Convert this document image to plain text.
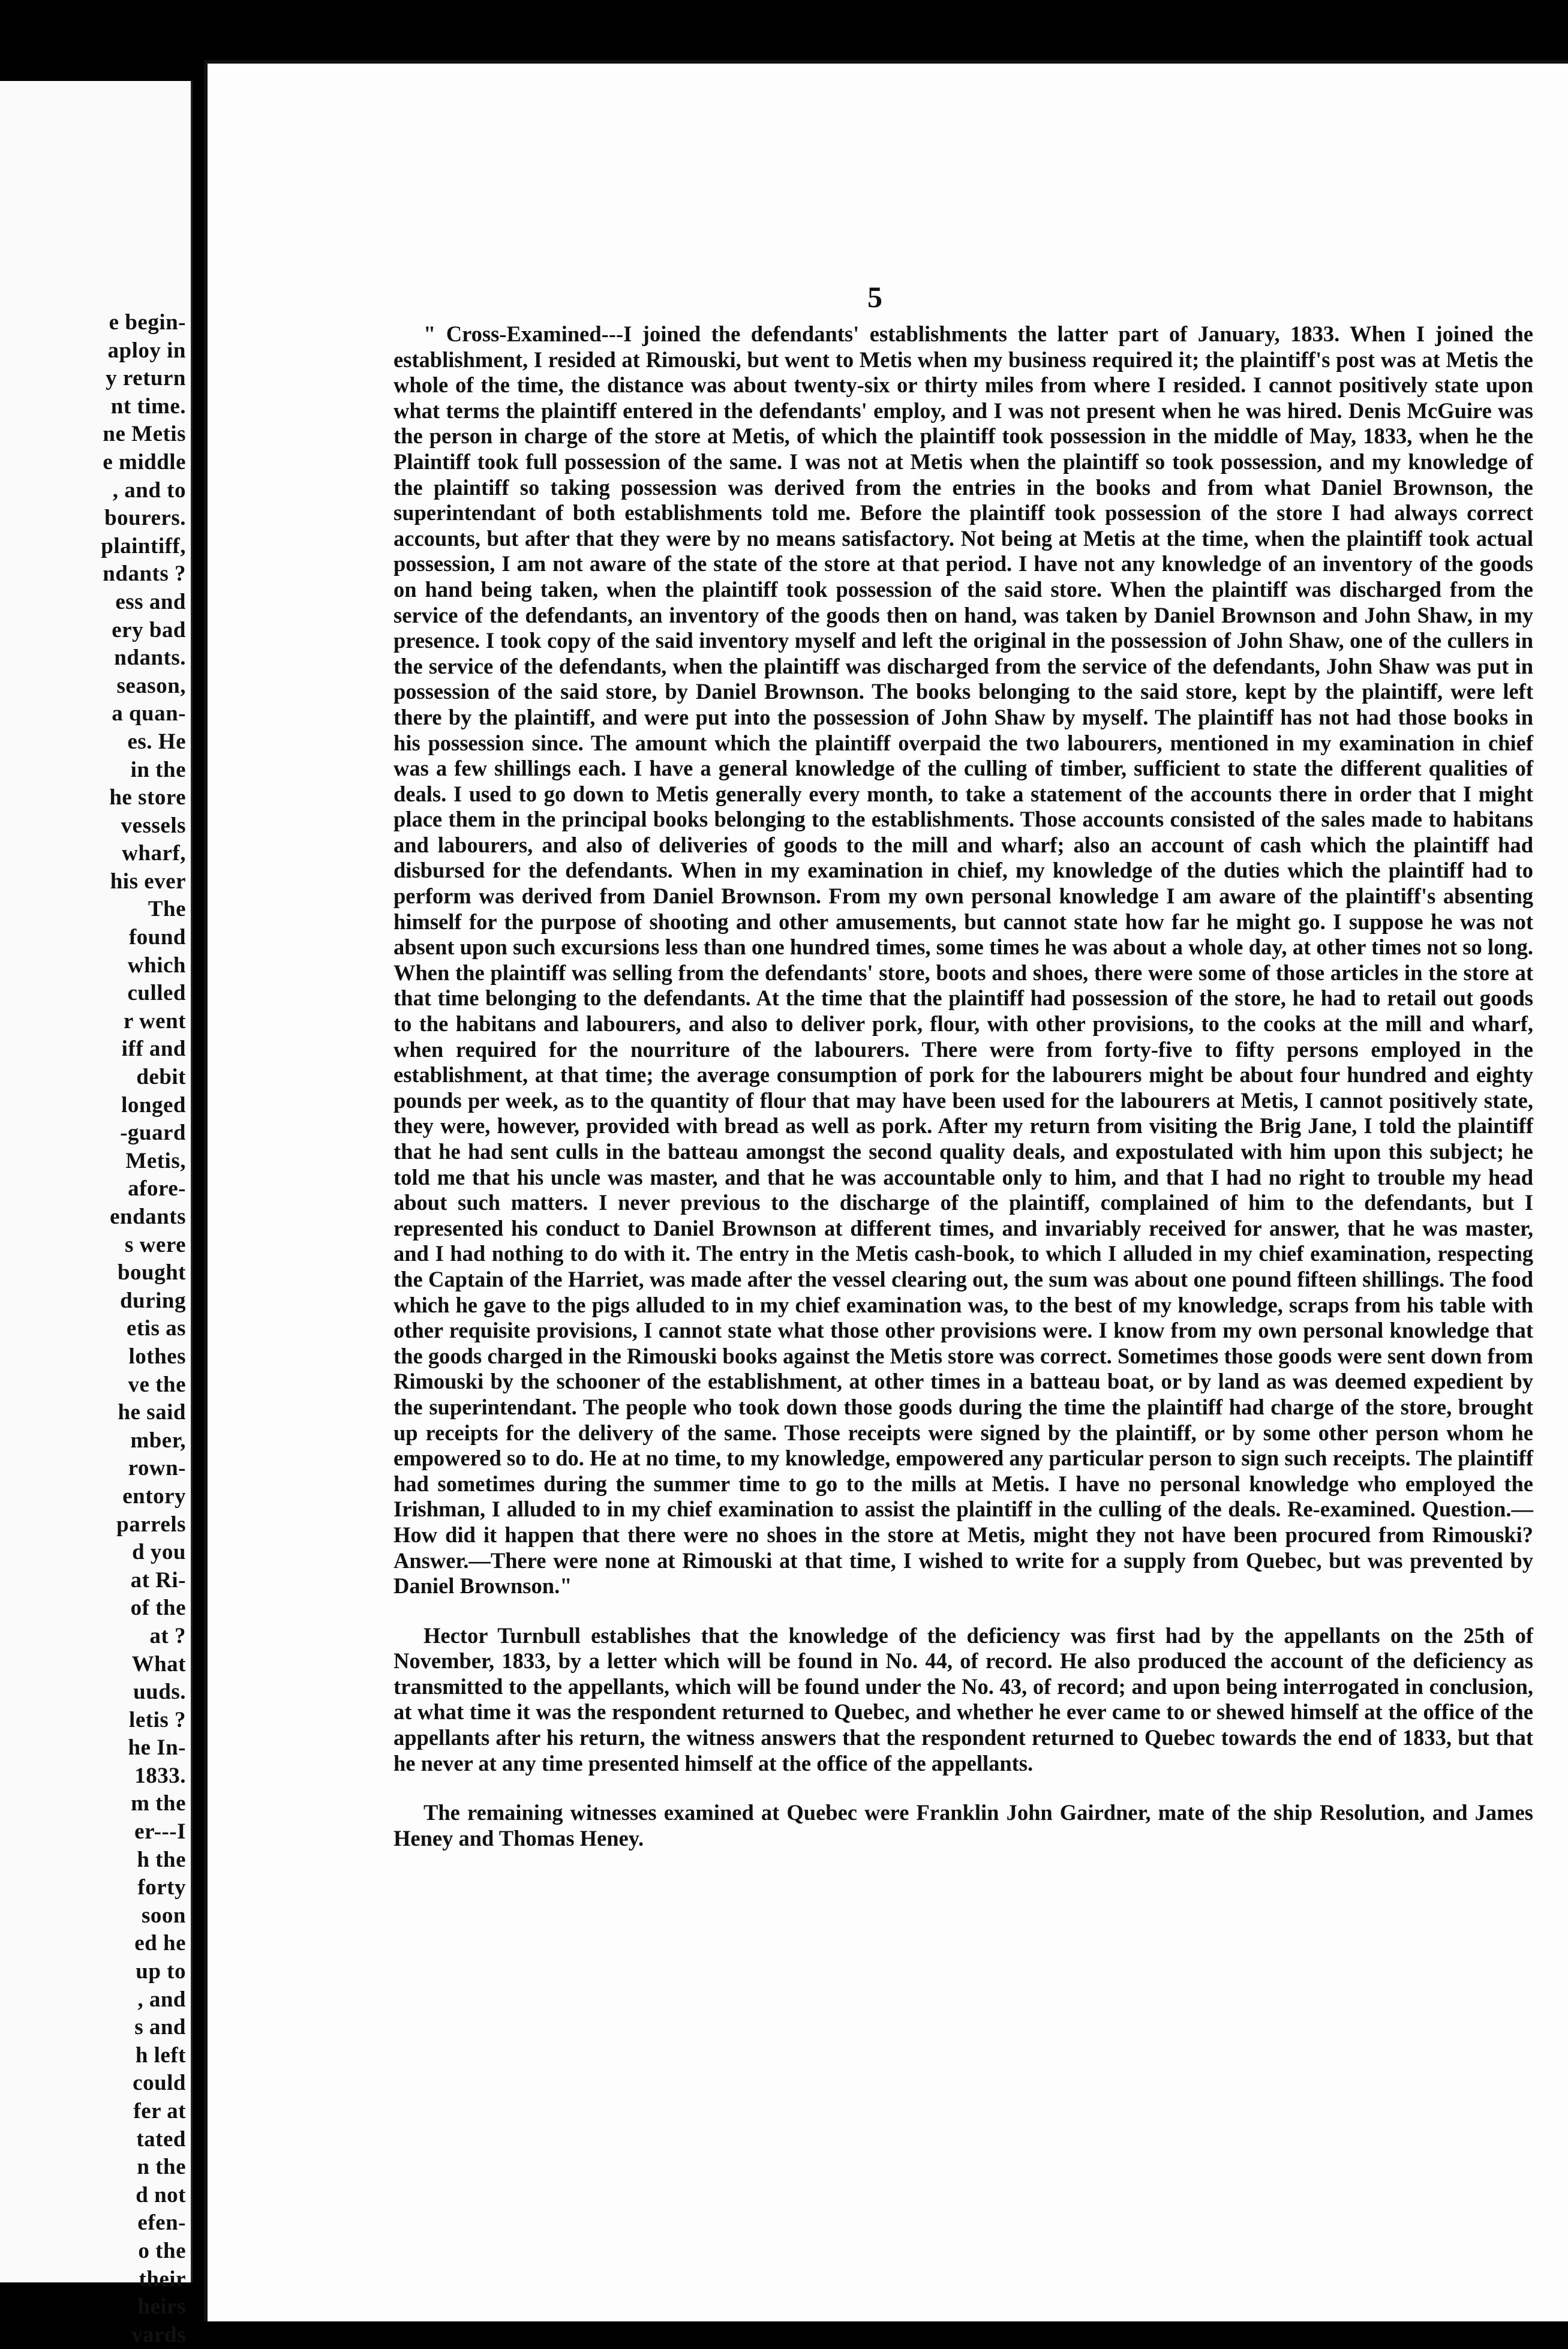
e begin-
aploy in
y return
nt time.
ne Metis
e middle
, and to
bourers.
plaintiff,
ndants ?
ess and
ery bad
ndants.
season,
a quan-
es. He
in the
he store
vessels
wharf,
his ever
The
found
which
culled
r went
iff and
debit
longed
-guard
Metis,
afore-
endants
s were
bought
during
etis as
lothes
ve the
he said
mber,
rown-
entory
parrels
d you
at Ri-
of the
at ?
What
uuds.
letis ?
he In-
1833.
m the
er---I
h the
forty
soon
ed he
up to
, and
s and
h left
could
fer at
tated
n the
d not
efen-
o the
their
heirs
vards
5

" Cross-Examined---I joined the defendants' establishments the latter part of January, 1833. When I joined the establishment, I resided at Rimouski, but went to Metis when my business required it; the plaintiff's post was at Metis the whole of the time, the distance was about twenty-six or thirty miles from where I resided. I cannot positively state upon what terms the plaintiff entered in the defendants' employ, and I was not present when he was hired. Denis McGuire was the person in charge of the store at Metis, of which the plaintiff took possession in the middle of May, 1833, when he the Plaintiff took full possession of the same. I was not at Metis when the plaintiff so took possession, and my knowledge of the plaintiff so taking possession was derived from the entries in the books and from what Daniel Brownson, the superintendant of both establishments told me. Before the plaintiff took possession of the store I had always correct accounts, but after that they were by no means satisfactory. Not being at Metis at the time, when the plaintiff took actual possession, I am not aware of the state of the store at that period. I have not any knowledge of an inventory of the goods on hand being taken, when the plaintiff took possession of the said store. When the plaintiff was discharged from the service of the defendants, an inventory of the goods then on hand, was taken by Daniel Brownson and John Shaw, in my presence. I took copy of the said inventory myself and left the original in the possession of John Shaw, one of the cullers in the service of the defendants, when the plaintiff was discharged from the service of the defendants, John Shaw was put in possession of the said store, by Daniel Brownson. The books belonging to the said store, kept by the plaintiff, were left there by the plaintiff, and were put into the possession of John Shaw by myself. The plaintiff has not had those books in his possession since. The amount which the plaintiff overpaid the two labourers, mentioned in my examination in chief was a few shillings each. I have a general knowledge of the culling of timber, sufficient to state the different qualities of deals. I used to go down to Metis generally every month, to take a statement of the accounts there in order that I might place them in the principal books belonging to the establishments. Those accounts consisted of the sales made to habitans and labourers, and also of deliveries of goods to the mill and wharf; also an account of cash which the plaintiff had disbursed for the defendants. When in my examination in chief, my knowledge of the duties which the plaintiff had to perform was derived from Daniel Brownson. From my own personal knowledge I am aware of the plaintiff's absenting himself for the purpose of shooting and other amusements, but cannot state how far he might go. I suppose he was not absent upon such excursions less than one hundred times, some times he was about a whole day, at other times not so long. When the plaintiff was selling from the defendants' store, boots and shoes, there were some of those articles in the store at that time belonging to the defendants. At the time that the plaintiff had possession of the store, he had to retail out goods to the habitans and labourers, and also to deliver pork, flour, with other provisions, to the cooks at the mill and wharf, when required for the nourriture of the labourers. There were from forty-five to fifty persons employed in the establishment, at that time; the average consumption of pork for the labourers might be about four hundred and eighty pounds per week, as to the quantity of flour that may have been used for the labourers at Metis, I cannot positively state, they were, however, provided with bread as well as pork. After my return from visiting the Brig Jane, I told the plaintiff that he had sent culls in the batteau amongst the second quality deals, and expostulated with him upon this subject; he told me that his uncle was master, and that he was accountable only to him, and that I had no right to trouble my head about such matters. I never previous to the discharge of the plaintiff, complained of him to the defendants, but I represented his conduct to Daniel Brownson at different times, and invariably received for answer, that he was master, and I had nothing to do with it. The entry in the Metis cash-book, to which I alluded in my chief examination, respecting the Captain of the Harriet, was made after the vessel clearing out, the sum was about one pound fifteen shillings. The food which he gave to the pigs alluded to in my chief examination was, to the best of my knowledge, scraps from his table with other requisite provisions, I cannot state what those other provisions were. I know from my own personal knowledge that the goods charged in the Rimouski books against the Metis store was correct. Sometimes those goods were sent down from Rimouski by the schooner of the establishment, at other times in a batteau boat, or by land as was deemed expedient by the superintendant. The people who took down those goods during the time the plaintiff had charge of the store, brought up receipts for the delivery of the same. Those receipts were signed by the plaintiff, or by some other person whom he empowered so to do. He at no time, to my knowledge, empowered any particular person to sign such receipts. The plaintiff had sometimes during the summer time to go to the mills at Metis. I have no personal knowledge who employed the Irishman, I alluded to in my chief examination to assist the plaintiff in the culling of the deals. Re-examined. Question.—How did it happen that there were no shoes in the store at Metis, might they not have been procured from Rimouski? Answer.—There were none at Rimouski at that time, I wished to write for a supply from Quebec, but was prevented by Daniel Brownson."

Hector Turnbull establishes that the knowledge of the deficiency was first had by the appellants on the 25th of November, 1833, by a letter which will be found in No. 44, of record. He also produced the account of the deficiency as transmitted to the appellants, which will be found under the No. 43, of record; and upon being interrogated in conclusion, at what time it was the respondent returned to Quebec, and whether he ever came to or shewed himself at the office of the appellants after his return, the witness answers that the respondent returned to Quebec towards the end of 1833, but that he never at any time presented himself at the office of the appellants.

The remaining witnesses examined at Quebec were Franklin John Gairdner, mate of the ship Resolution, and James Heney and Thomas Heney.
